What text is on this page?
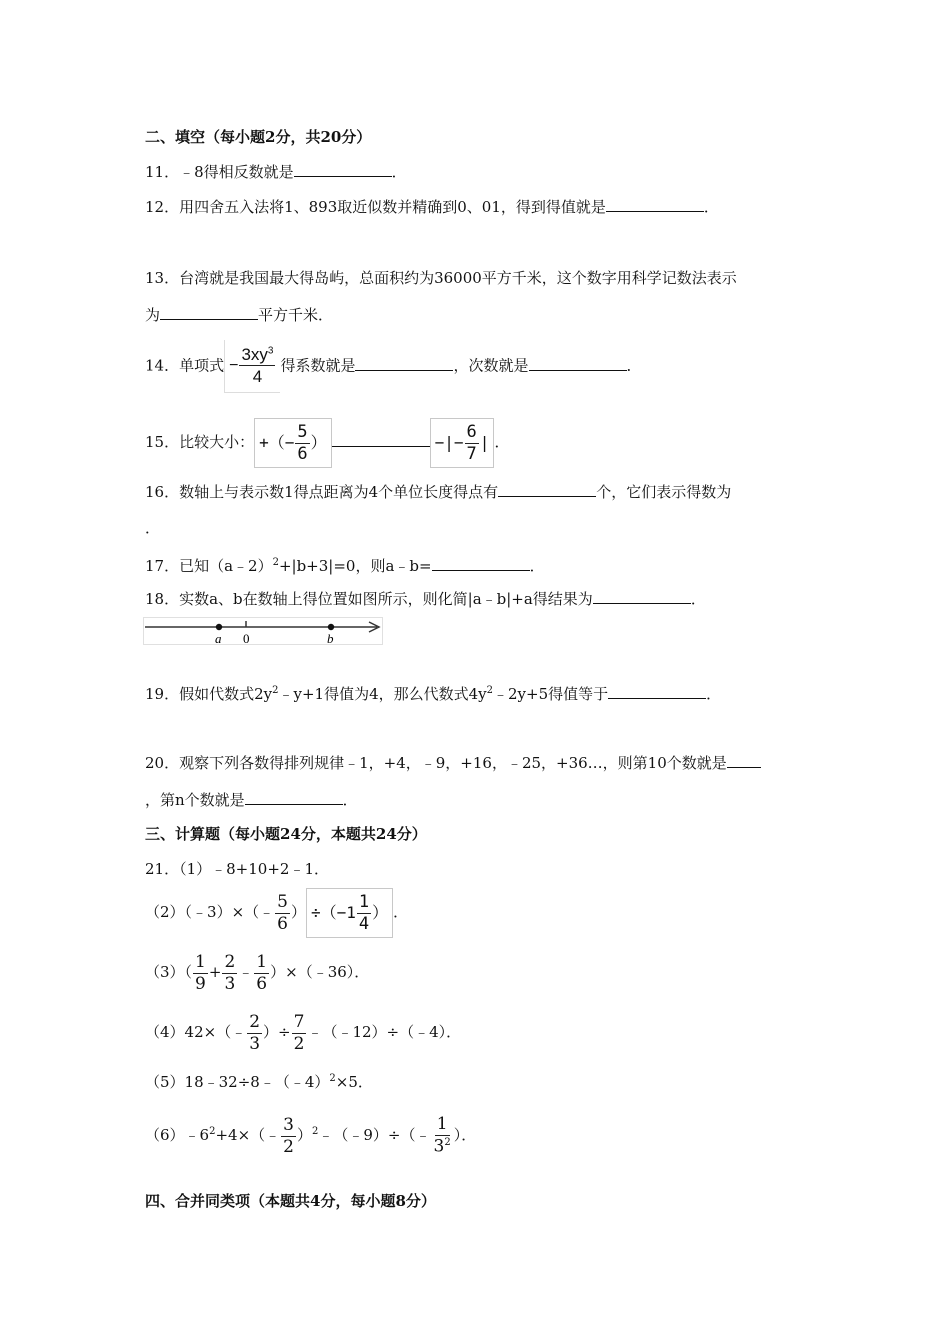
二、填空（每小题2分，共20分）
11．﹣8得相反数就是	．
12．用四舍五入法将1、893取近似数并精确到0、01，得到得值就是	．
13．台湾就是我国最大得岛屿，总面积约为36000平方千米，这个数字用科学记数法表示
为	平方千米．
14．单项式 − $\frac{3xy^3}{4}$ 得系数就是	，次数就是	．
15．比较大小： +（− $\frac{5}{6}$ ）	−|− $\frac{6}{7}$ | ．
16．数轴上与表示数1得点距离为4个单位长度得点有	个，它们表示得数为
．
17．已知（a﹣2）$^2$+|b+3|=0，则a﹣b=	．
18．实数a、b在数轴上得位置如图所示，则化简|a﹣b|+a得结果为	．
a 0	b
19．假如代数式$2y^2﹣y+1$得值为4，那么代数式$4y^2﹣2y+5$得值等于	．
20．观察下列各数得排列规律﹣1，+4，﹣9，+16，﹣25，+36…，则第10个数就是
，第n个数就是	．
三、计算题（每小题24分，本题共24分）
21．（1）﹣8+10+2﹣1．
（2）（﹣3）×（﹣ $\frac{5}{6}$ ） $\div(-1 \frac{1}{4}$ ） ．
$(3)( \frac{1}{9} + \frac{2}{3}$ ﹣ $\frac{1}{6}$ ）×（﹣36）．
（4）42×（﹣ $\frac{2}{3}$ ）÷ $\frac{7}{2}$ ﹣（﹣12）÷（﹣4）．
（5）18﹣32÷8﹣（﹣4）$^2$×5．
$(6)﹣6^2+4\times(﹣ \frac{3}{2}$ ）$^2$﹣（﹣9）÷（﹣ $\frac{1}{3^2}$ ）．
四、合并同类项（本题共4分，每小题8分）
